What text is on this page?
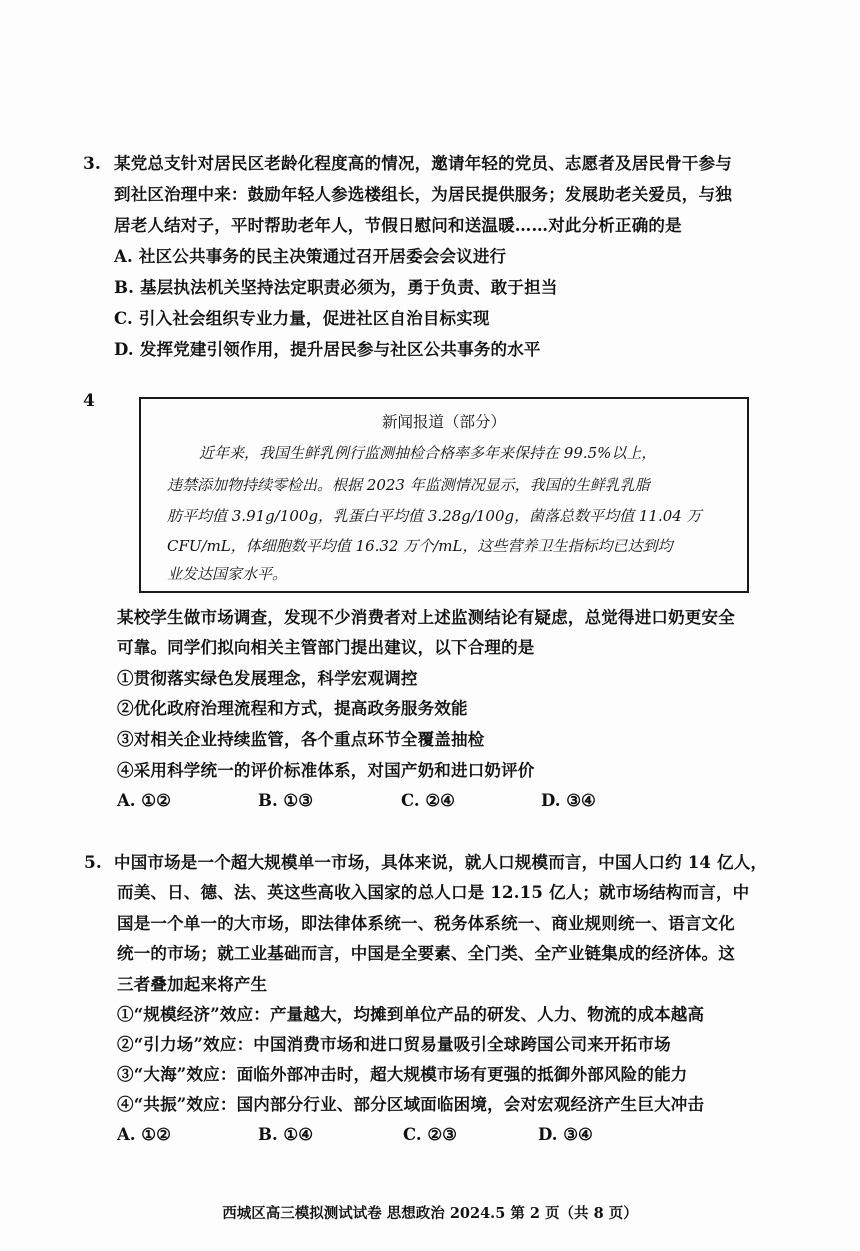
3. 某党总支针对居民区老龄化程度高的情况，邀请年轻的党员、志愿者及居民骨干参与
到社区治理中来：鼓励年轻人参选楼组长，为居民提供服务；发展助老关爱员，与独
居老人结对子，平时帮助老年人，节假日慰问和送温暖……对此分析正确的是
A. 社区公共事务的民主决策通过召开居委会会议进行
B. 基层执法机关坚持法定职责必须为，勇于负责、敢于担当
C. 引入社会组织专业力量，促进社区自治目标实现
D. 发挥党建引领作用，提升居民参与社区公共事务的水平
4
新闻报道（部分）
近年来，我国生鲜乳例行监测抽检合格率多年来保持在 99.5%以上，
违禁添加物持续零检出。根据 2023 年监测情况显示，我国的生鲜乳乳脂
肪平均值 3.91g/100g，乳蛋白平均值 3.28g/100g，菌落总数平均值 11.04 万
CFU/mL，体细胞数平均值 16.32 万个/mL，这些营养卫生指标均已达到均
业发达国家水平。
某校学生做市场调查，发现不少消费者对上述监测结论有疑虑，总觉得进口奶更安全
可靠。同学们拟向相关主管部门提出建议，以下合理的是
①贯彻落实绿色发展理念，科学宏观调控
②优化政府治理流程和方式，提高政务服务效能
③对相关企业持续监管，各个重点环节全覆盖抽检
④采用科学统一的评价标准体系，对国产奶和进口奶评价
A. ①②	B. ①③	C. ②④	D. ③④
5. 中国市场是一个超大规模单一市场，具体来说，就人口规模而言，中国人口约 14 亿人，
而美、日、德、法、英这些高收入国家的总人口是 12.15 亿人；就市场结构而言，中
国是一个单一的大市场，即法律体系统一、税务体系统一、商业规则统一、语言文化
统一的市场；就工业基础而言，中国是全要素、全门类、全产业链集成的经济体。这
三者叠加起来将产生
①“规模经济”效应：产量越大，均摊到单位产品的研发、人力、物流的成本越高
②“引力场”效应：中国消费市场和进口贸易量吸引全球跨国公司来开拓市场
③“大海”效应：面临外部冲击时，超大规模市场有更强的抵御外部风险的能力
④“共振”效应：国内部分行业、部分区域面临困境，会对宏观经济产生巨大冲击
A. ①②	B. ①④	C. ②③	D. ③④
西城区高三模拟测试试卷 思想政治 2024.5 第 2 页（共 8 页）
